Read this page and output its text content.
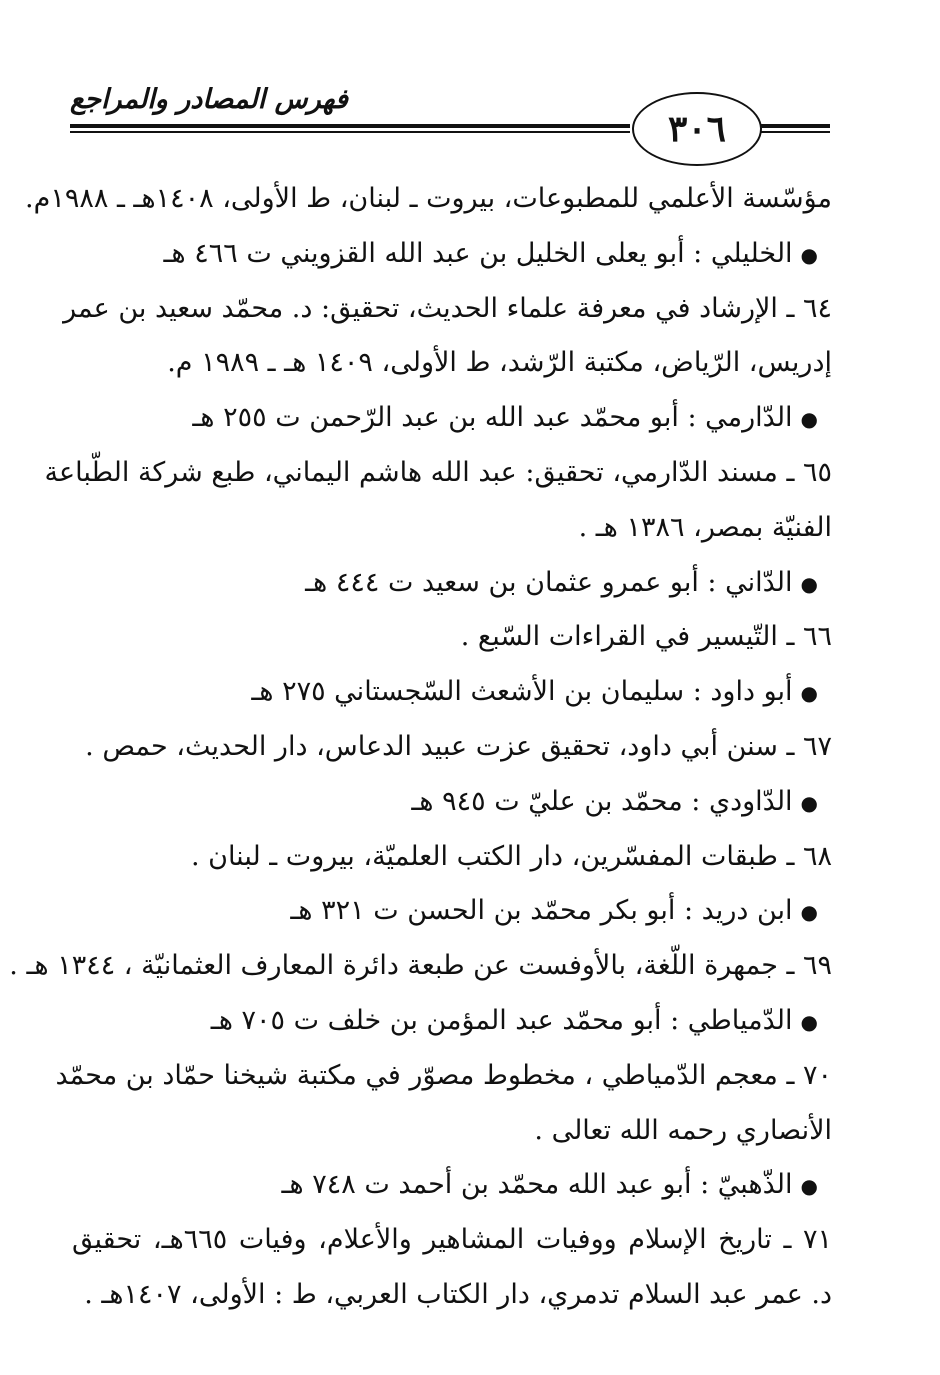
فهرس المصادر والمراجع
٣٠٦
مؤسّسة الأعلمي للمطبوعات، بيروت ـ لبنان، ط الأولى، ١٤٠٨هـ ـ ١٩٨٨م.
●الخليلي : أبو يعلى الخليل بن عبد الله القزويني ت ٤٦٦ هـ
٦٤ ـ الإرشاد في معرفة علماء الحديث، تحقيق: د. محمّد سعيد بن عمر
إدريس، الرّياض، مكتبة الرّشد، ط الأولى، ١٤٠٩ هـ ـ ١٩٨٩ م.
●الدّارمي : أبو محمّد عبد الله بن عبد الرّحمن ت ٢٥٥ هـ
٦٥ ـ مسند الدّارمي، تحقيق: عبد الله هاشم اليماني، طبع شركة الطّباعة
الفنيّة بمصر، ١٣٨٦ هـ .
●الدّاني : أبو عمرو عثمان بن سعيد ت ٤٤٤ هـ
٦٦ ـ التّيسير في القراءات السّبع .
●أبو داود : سليمان بن الأشعث السّجستاني ٢٧٥ هـ
٦٧ ـ سنن أبي داود، تحقيق عزت عبيد الدعاس، دار الحديث، حمص .
●الدّاودي : محمّد بن عليّ ت ٩٤٥ هـ
٦٨ ـ طبقات المفسّرين، دار الكتب العلميّة، بيروت ـ لبنان .
●ابن دريد : أبو بكر محمّد بن الحسن ت ٣٢١ هـ
٦٩ ـ جمهرة اللّغة، بالأوفست عن طبعة دائرة المعارف العثمانيّة ، ١٣٤٤ هـ .
●الدّمياطي : أبو محمّد عبد المؤمن بن خلف ت ٧٠٥ هـ
٧٠ ـ معجم الدّمياطي ، مخطوط مصوّر في مكتبة شيخنا حمّاد بن محمّد
الأنصاري رحمه الله تعالى .
●الذّهبيّ : أبو عبد الله محمّد بن أحمد ت ٧٤٨ هـ
٧١ ـ تاريخ الإسلام ووفيات المشاهير والأعلام، وفيات ٦٦٥هـ، تحقيق
د. عمر عبد السلام تدمري، دار الكتاب العربي، ط : الأولى، ١٤٠٧هـ .
